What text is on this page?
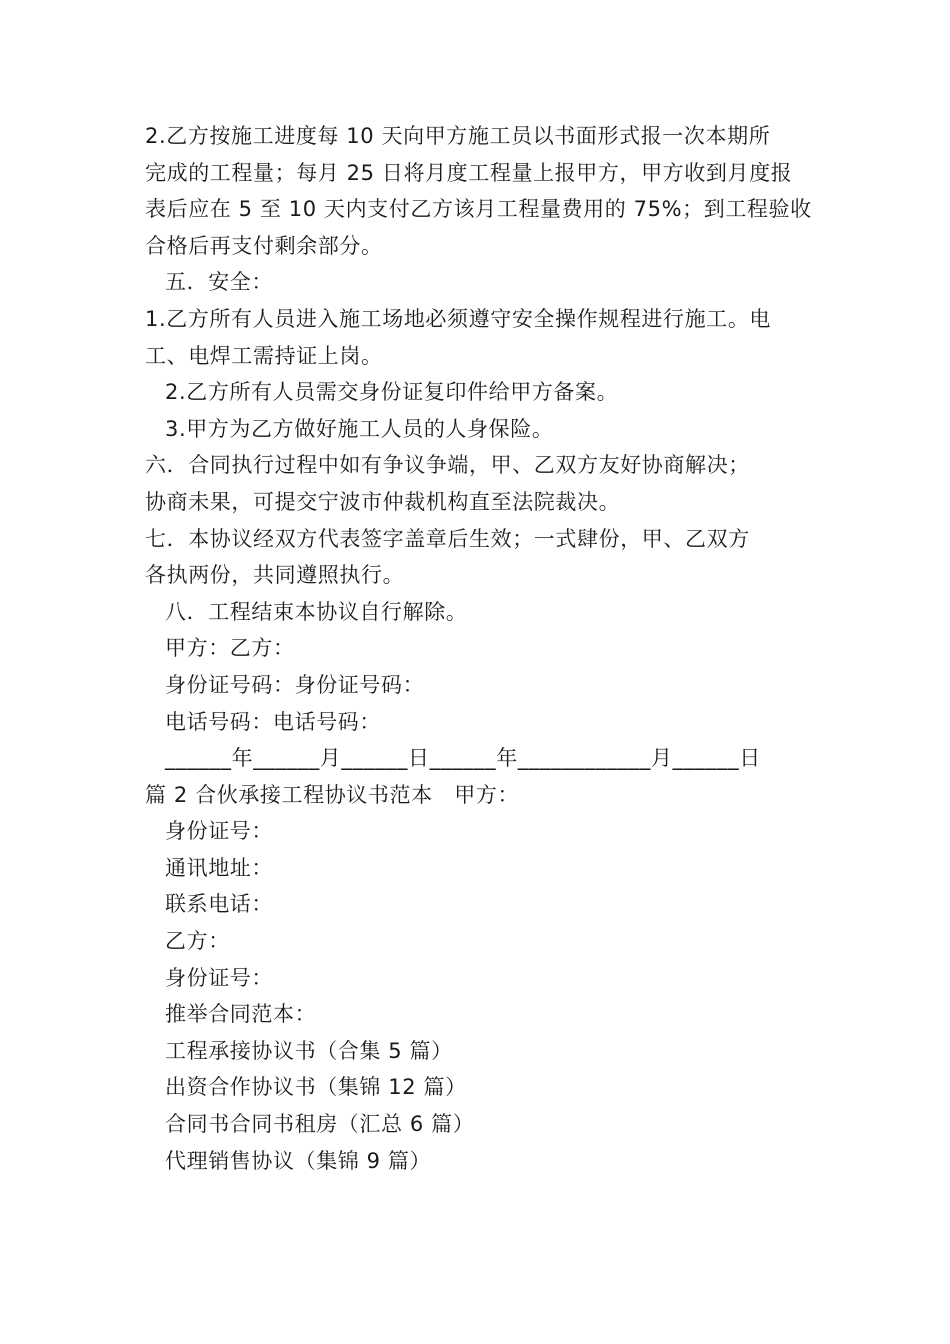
2.乙方按施工进度每 10 天向甲方施工员以书面形式报一次本期所
完成的工程量；每月 25 日将月度工程量上报甲方，甲方收到月度报
表后应在 5 至 10 天内支付乙方该月工程量费用的 75%；到工程验收
合格后再支付剩余部分。
五．安全：
1.乙方所有人员进入施工场地必须遵守安全操作规程进行施工。电
工、电焊工需持证上岗。
2.乙方所有人员需交身份证复印件给甲方备案。
3.甲方为乙方做好施工人员的人身保险。
六．合同执行过程中如有争议争端，甲、乙双方友好协商解决；
协商未果，可提交宁波市仲裁机构直至法院裁决。
七．本协议经双方代表签字盖章后生效；一式肆份，甲、乙双方
各执两份，共同遵照执行。
八．工程结束本协议自行解除。
甲方：乙方：
身份证号码：身份证号码：
电话号码：电话号码：
______年______月______日______年____________月______日
篇 2 合伙承接工程协议书范本　甲方：
身份证号：
通讯地址：
联系电话：
乙方：
身份证号：
推举合同范本：
工程承接协议书（合集 5 篇）
出资合作协议书（集锦 12 篇）
合同书合同书租房（汇总 6 篇）
代理销售协议（集锦 9 篇）
